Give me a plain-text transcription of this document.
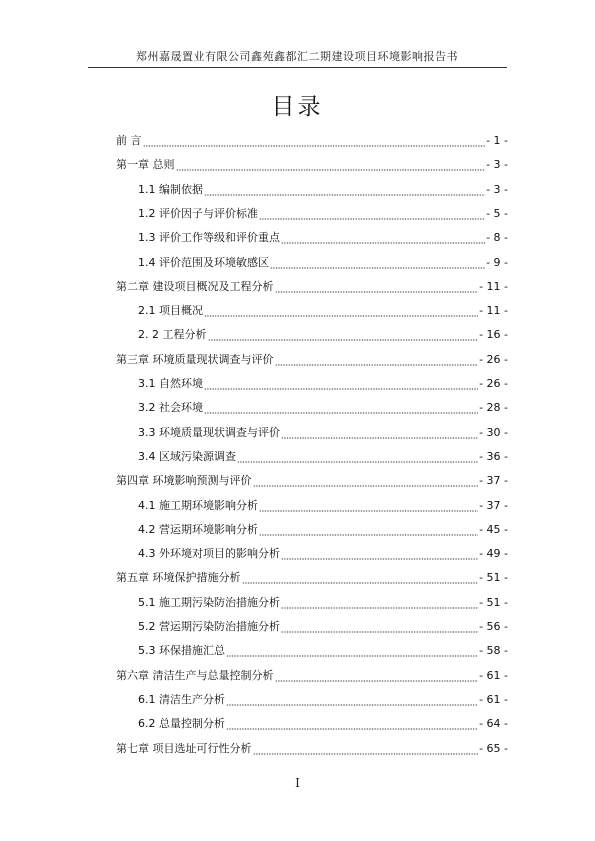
郑州嘉晟置业有限公司鑫苑鑫都汇二期建设项目环境影响报告书
目录
前 言	- 1 -
第一章 总则	- 3 -
1.1 编制依据	- 3 -
1.2 评价因子与评价标准	- 5 -
1.3 评价工作等级和评价重点	- 8 -
1.4 评价范围及环境敏感区	- 9 -
第二章 建设项目概况及工程分析	- 11 -
2.1 项目概况	- 11 -
2. 2 工程分析	- 16 -
第三章 环境质量现状调查与评价	- 26 -
3.1 自然环境	- 26 -
3.2 社会环境	- 28 -
3.3 环境质量现状调查与评价	- 30 -
3.4 区域污染源调查	- 36 -
第四章 环境影响预测与评价	- 37 -
4.1 施工期环境影响分析	- 37 -
4.2 营运期环境影响分析	- 45 -
4.3 外环境对项目的影响分析	- 49 -
第五章 环境保护措施分析	- 51 -
5.1 施工期污染防治措施分析	- 51 -
5.2 营运期污染防治措施分析	- 56 -
5.3 环保措施汇总	- 58 -
第六章 清洁生产与总量控制分析	- 61 -
6.1 清洁生产分析	- 61 -
6.2 总量控制分析	- 64 -
第七章 项目选址可行性分析	- 65 -
I
